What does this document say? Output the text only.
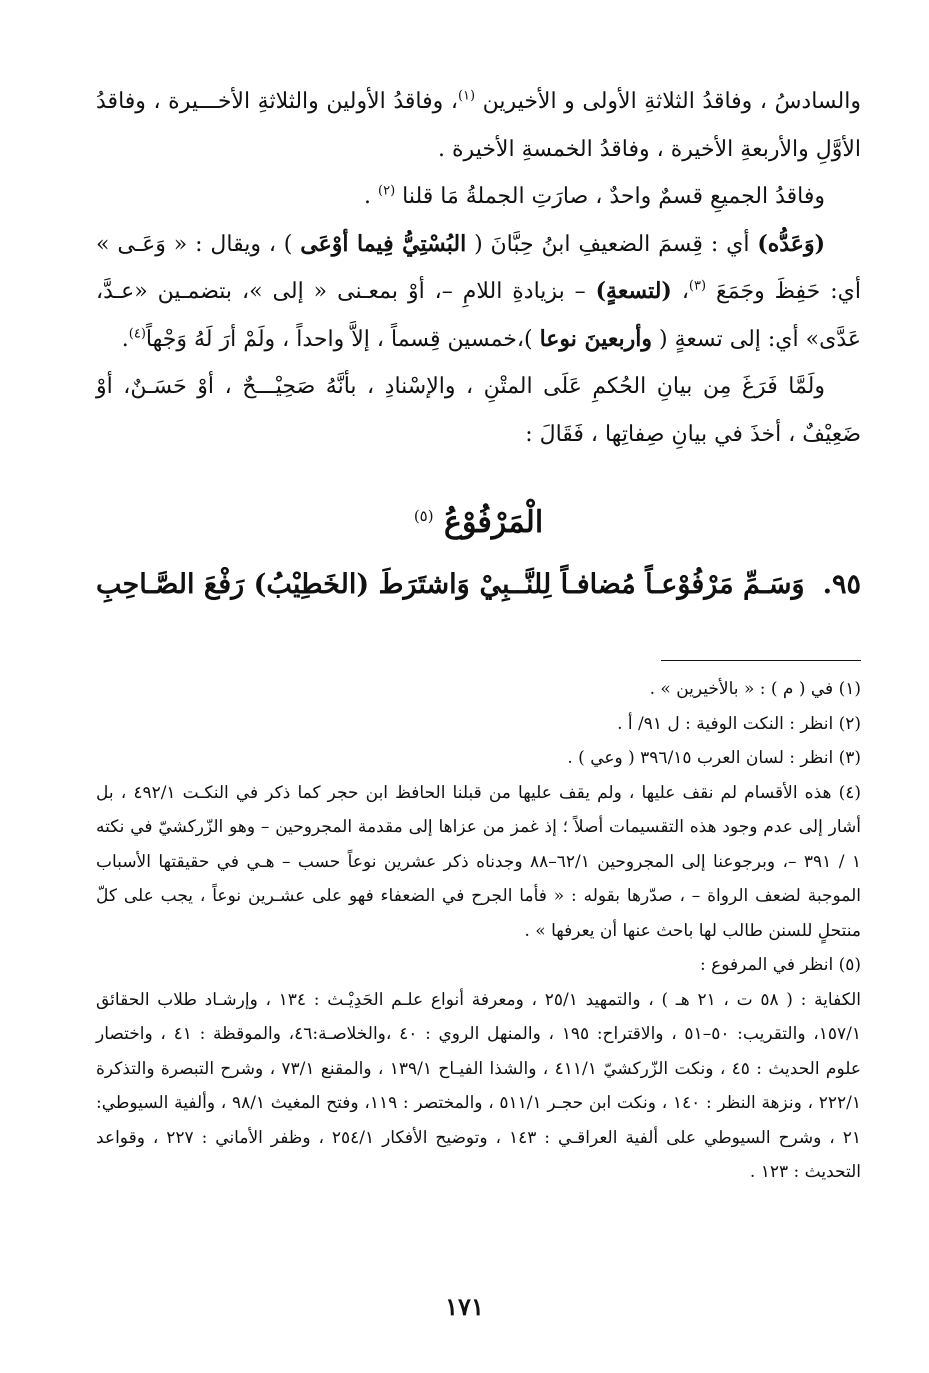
والسادسُ ، وفاقدُ الثلاثةِ الأولى و الأخيرين $^{(١)}$، وفاقدُ الأولين والثلاثةِ الأخـــيرة ، وفاقدُ الأوَّلِ والأربعةِ الأخيرة ، وفاقدُ الخمسةِ الأخيرة .

وفاقدُ الجميعِ قسمٌ واحدٌ ، صارَتِ الجملةُ مَا قلنا $^{(٢)}$ .

(وَعَدُّه) أي : قِسمَ الضعيفِ ابنُ حِبَّانَ ( البُسْتِيُّ فِيما أوْعَى ) ، ويقال : « وَعَـى » أي: حَفِظَ وجَمَعَ $^{(٣)}$، (لتسعةٍ) – بزيادةِ اللامِ –، أوْ بمعـنى « إلى »، بتضمـين «عـدَّ، عَدَّى» أي: إلى تسعةٍ ( وأربعينَ نوعا )،خمسين قِسماً ، إلاَّ واحداً ، ولَمْ أرَ لَهُ وَجْهاً$^{(٤)}$.

ولَمَّا فَرَغَ مِن بيانِ الحُكمِ عَلَى المتْنِ ، والإسْنادِ ، بأنَّهُ صَحِيْـــحٌ ، أوْ حَسَـنٌ، أوْ ضَعِيْفٌ ، أخذَ في بيانِ صِفاتِها ، فَقَالَ :

الْمَرْفُوْعُ $^{(٥)}$
٩٥.
وَسَـمِّ مَرْفُوْعـاً مُضافـاً لِلنَّــبِيْ
وَاشتَرَطَ (الخَطِيْبُ) رَفْعَ الصَّـاحِبِ

(١) في ( م ) : « بالأخيرين » .

(٢) انظر : النكت الوفية : ل ٩١/ أ .

(٣) انظر : لسان العرب ٣٩٦/١٥ ( وعي ) .

(٤) هذه الأقسام لم نقف عليها ، ولم يقف عليها من قبلنا الحافظ ابن حجر كما ذكر في النكـت ٤٩٢/١ ، بل أشار إلى عدم وجود هذه التقسيمات أصلاً ؛ إذ غمز من عزاها إلى مقدمة المجروحين – وهو الزّركشيّ في نكته ١ / ٣٩١ –، وبرجوعنا إلى المجروحين ٦٢/١–٨٨ وجدناه ذكر عشرين نوعاً حسب – هـي في حقيقتها الأسباب الموجبة لضعف الرواة – ، صدّرها بقوله : « فأما الجرح في الضعفاء فهو على عشـرين نوعاً ، يجب على كلّ منتحلٍ للسنن طالب لها باحث عنها أن يعرفها » .

(٥) انظر في المرفوع :

الكفاية : ( ٥٨ ت ، ٢١ هـ ) ، والتمهيد ٢٥/١ ، ومعرفة أنواع علـم الحَدِيْـث : ١٣٤ ، وإرشـاد طلاب الحقائق ١٥٧/١، والتقريب: ٥٠–٥١ ، والاقتراح: ١٩٥ ، والمنهل الروي : ٤٠ ،والخلاصـة:٤٦، والموقظة : ٤١ ، واختصار علوم الحديث : ٤٥ ، ونكت الزّركشيّ ٤١١/١ ، والشذا الفيـاح ١٣٩/١ ، والمقنع ٧٣/١ ، وشرح التبصرة والتذكرة ٢٢٢/١ ، ونزهة النظر : ١٤٠ ، ونكت ابن حجـر ٥١١/١ ، والمختصر : ١١٩، وفتح المغيث ٩٨/١ ، وألفية السيوطي: ٢١ ، وشرح السيوطي على ألفية العراقـي : ١٤٣ ، وتوضيح الأفكار ٢٥٤/١ ، وظفر الأماني : ٢٢٧ ، وقواعد التحديث : ١٢٣ .

١٧١
